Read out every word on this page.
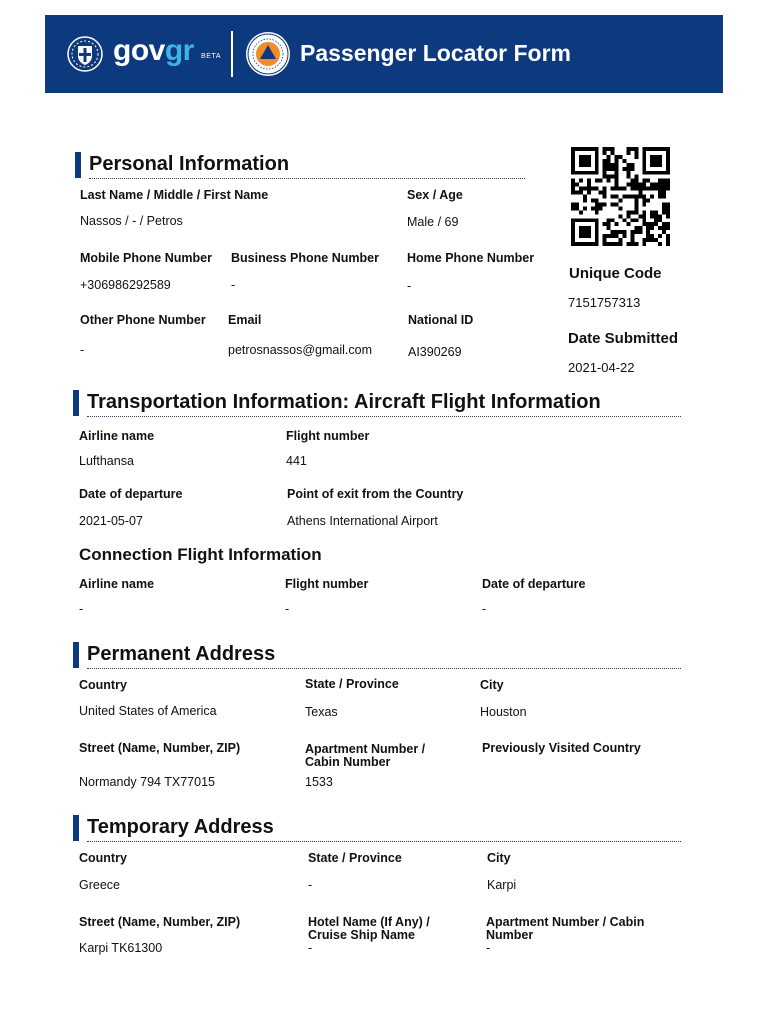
govgr BETA	Passenger Locator Form
Personal Information
Last Name / Middle / First Name
Nassos / - / Petros
Sex / Age
Male / 69
Mobile Phone Number
+306986292589
Business Phone Number
-
Home Phone Number
-
Other Phone Number
-
Email
petrosnassos@gmail.com
National ID
AI390269
Unique Code
7151757313
Date Submitted
2021-04-22
Transportation Information: Aircraft Flight Information
Airline name
Lufthansa
Flight number
441
Date of departure
2021-05-07
Point of exit from the Country
Athens International Airport
Connection Flight Information
Airline name
-
Flight number
-
Date of departure
-
Permanent Address
Country
United States of America
State / Province
Texas
City
Houston
Street (Name, Number, ZIP)
Normandy 794 TX77015
Apartment Number /
Cabin Number
1533
Previously Visited Country
Temporary Address
Country
Greece
State / Province
-
City
Karpi
Street (Name, Number, ZIP)
Karpi TK61300
Hotel Name (If Any) /
Cruise Ship Name
-
Apartment Number / Cabin
Number
-
